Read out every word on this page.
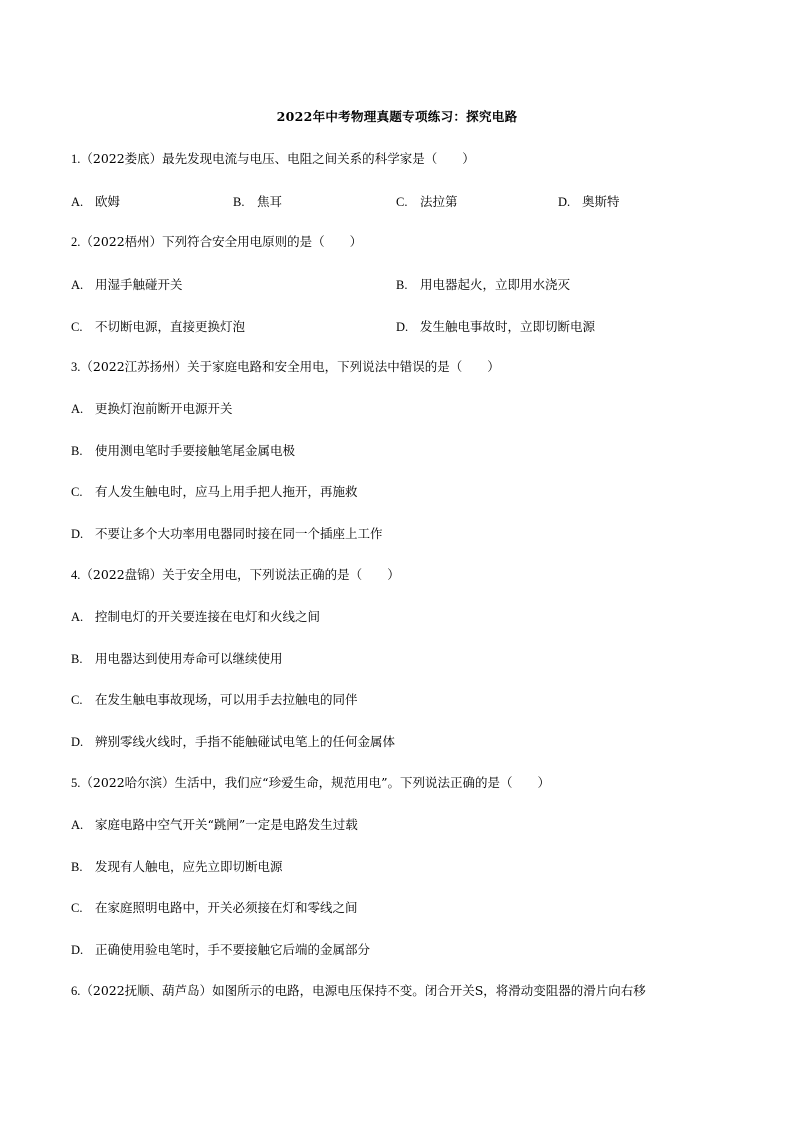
2022年中考物理真题专项练习：探究电路
1.（2022娄底）最先发现电流与电压、电阻之间关系的科学家是（　　）
A. 欧姆	B. 焦耳	C. 法拉第	D. 奥斯特
2.（2022梧州）下列符合安全用电原则的是（　　）
A. 用湿手触碰开关	B. 用电器起火，立即用水浇灭
C. 不切断电源，直接更换灯泡	D. 发生触电事故时，立即切断电源
3.（2022江苏扬州）关于家庭电路和安全用电，下列说法中错误的是（　　）
A. 更换灯泡前断开电源开关
B. 使用测电笔时手要接触笔尾金属电极
C. 有人发生触电时，应马上用手把人拖开，再施救
D. 不要让多个大功率用电器同时接在同一个插座上工作
4.（2022盘锦）关于安全用电，下列说法正确的是（　　）
A. 控制电灯的开关要连接在电灯和火线之间
B. 用电器达到使用寿命可以继续使用
C. 在发生触电事故现场，可以用手去拉触电的同伴
D. 辨别零线火线时，手指不能触碰试电笔上的任何金属体
5.（2022哈尔滨）生活中，我们应“珍爱生命，规范用电”。下列说法正确的是（　　）
A. 家庭电路中空气开关“跳闸”一定是电路发生过载
B. 发现有人触电，应先立即切断电源
C. 在家庭照明电路中，开关必须接在灯和零线之间
D. 正确使用验电笔时，手不要接触它后端的金属部分
6.（2022抚顺、葫芦岛）如图所示的电路，电源电压保持不变。闭合开关S，将滑动变阻器的滑片向右移
